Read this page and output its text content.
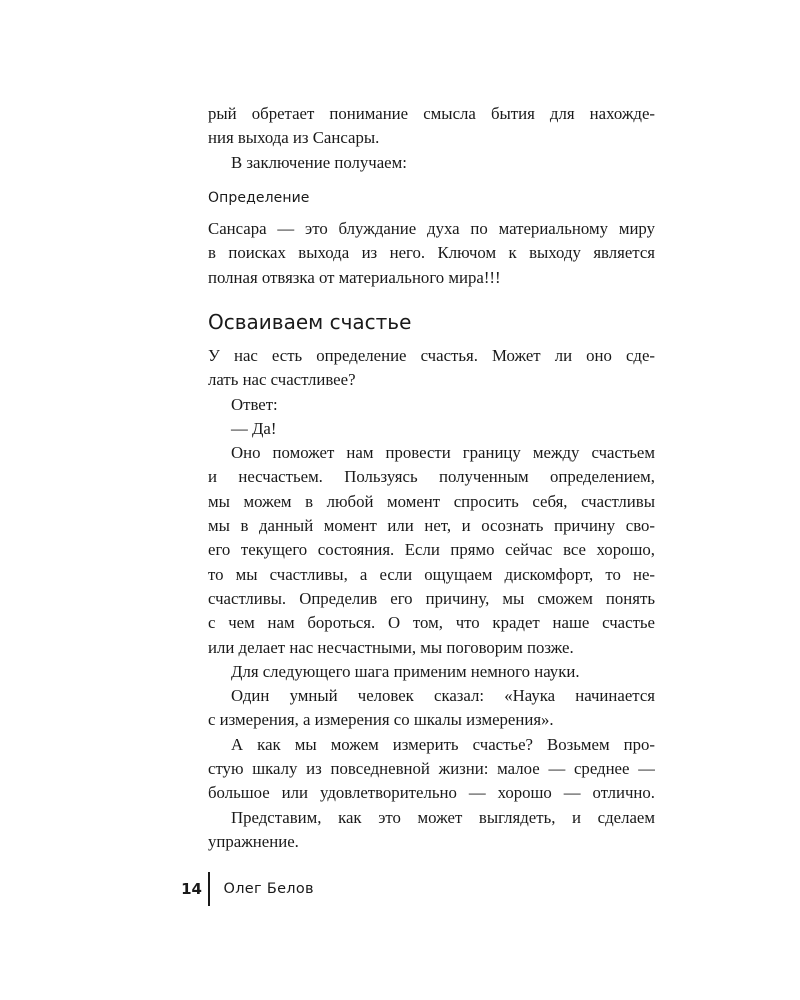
рый обретает понимание смысла бытия для нахожде-
ния выхода из Сансары.
В заключение получаем:
Определение
Сансара — это блуждание духа по материальному миру
в поисках выхода из него. Ключом к выходу является
полная отвязка от материального мира!!!
Осваиваем счастье
У нас есть определение счастья. Может ли оно сде-
лать нас счастливее?
Ответ:
— Да!
Оно поможет нам провести границу между счастьем
и несчастьем. Пользуясь полученным определением,
мы можем в любой момент спросить себя, счастливы
мы в данный момент или нет, и осознать причину сво-
его текущего состояния. Если прямо сейчас все хорошо,
то мы счастливы, а если ощущаем дискомфорт, то не-
счастливы. Определив его причину, мы сможем понять
с чем нам бороться. О том, что крадет наше счастье
или делает нас несчастными, мы поговорим позже.
Для следующего шага применим немного науки.
Один умный человек сказал: «Наука начинается
с измерения, а измерения со шкалы измерения».
А как мы можем измерить счастье? Возьмем про-
стую шкалу из повседневной жизни: малое — среднее —
большое или удовлетворительно — хорошо — отлично.
Представим, как это может выглядеть, и сделаем
упражнение.
14	Олег Белов
